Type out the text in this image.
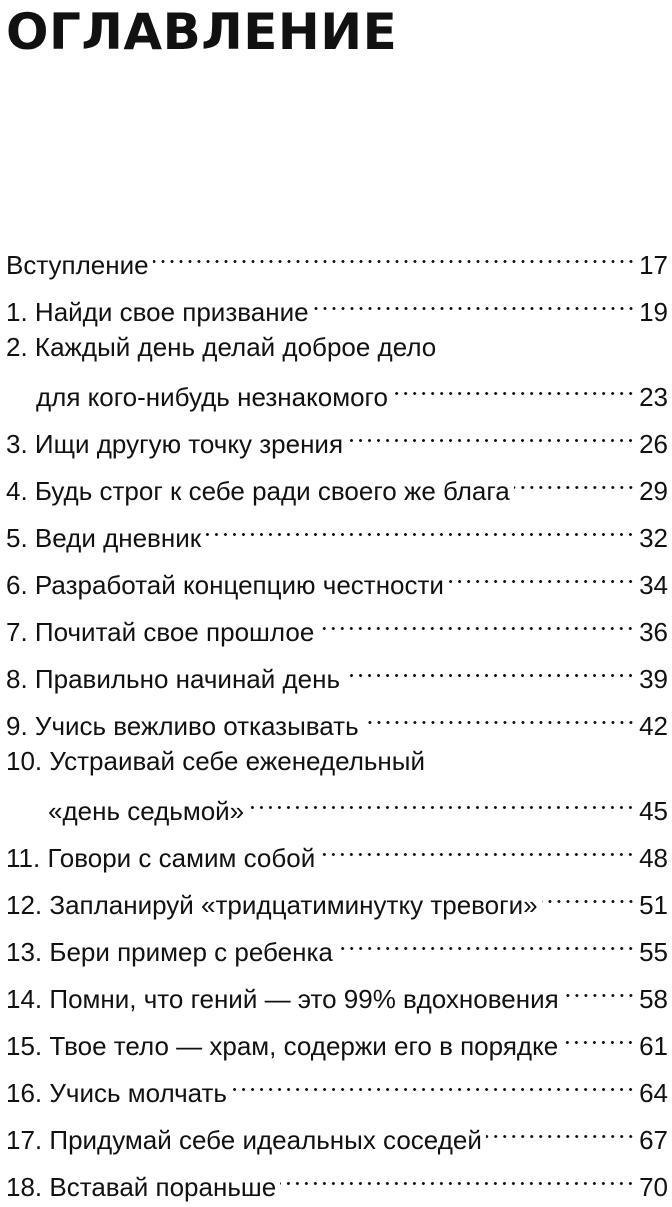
ОГЛАВЛЕНИЕ
Вступление	17
1. Найди свое призвание	19
2. Каждый день делай доброе дело
для кого-нибудь незнакомого	23
3. Ищи другую точку зрения	26
4. Будь строг к себе ради своего же блага	29
5. Веди дневник	32
6. Разработай концепцию честности	34
7. Почитай свое прошлое	36
8. Правильно начинай день	39
9. Учись вежливо отказывать	42
10. Устраивай себе еженедельный
«день седьмой»	45
11. Говори с самим собой	48
12. Запланируй «тридцатиминутку тревоги»	51
13. Бери пример с ребенка	55
14. Помни, что гений — это 99% вдохновения	58
15. Твое тело — храм, содержи его в порядке	61
16. Учись молчать	64
17. Придумай себе идеальных соседей	67
18. Вставай пораньше	70
